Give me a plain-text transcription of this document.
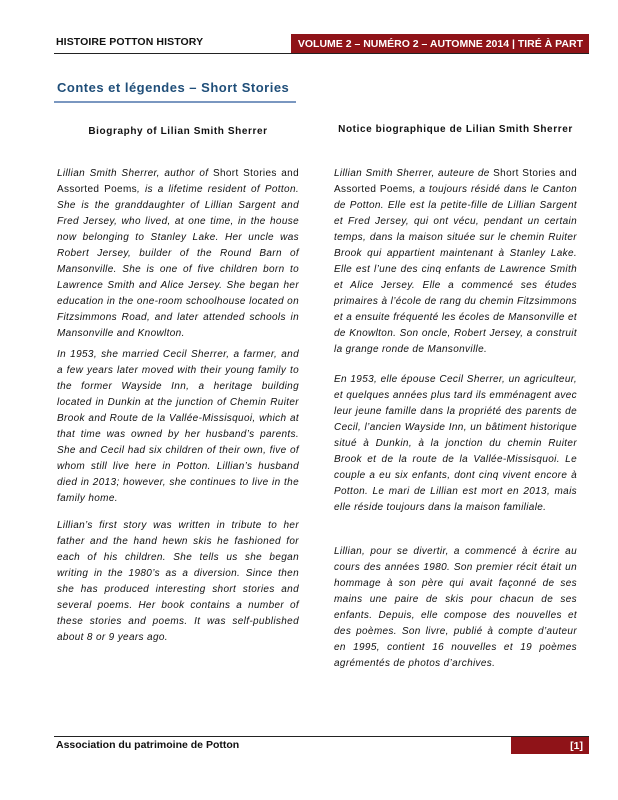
HISTOIRE POTTON HISTORY	VOLUME 2 – NUMÉRO 2 – AUTOMNE 2014 | TIRÉ À PART
Contes et légendes – Short Stories
Biography of Lilian Smith Sherrer	Notice biographique de Lilian Smith Sherrer

Lillian Smith Sherrer, author of Short Stories and Assorted Poems, is a lifetime resident of Potton. She is the granddaughter of Lillian Sargent and Fred Jersey, who lived, at one time, in the house now belonging to Stanley Lake. Her uncle was Robert Jersey, builder of the Round Barn of Mansonville. She is one of five children born to Lawrence Smith and Alice Jersey. She began her education in the one-room schoolhouse located on Fitzsimmons Road, and later attended schools in Mansonville and Knowlton.

In 1953, she married Cecil Sherrer, a farmer, and a few years later moved with their young family to the former Wayside Inn, a heritage building located in Dunkin at the junction of Chemin Ruiter Brook and Route de la Vallée-Missisquoi, which at that time was owned by her husband’s parents. She and Cecil had six children of their own, five of whom still live here in Potton. Lillian’s husband died in 2013; however, she continues to live in the family home.

Lillian’s first story was written in tribute to her father and the hand hewn skis he fashioned for each of his children. She tells us she began writing in the 1980’s as a diversion. Since then she has produced interesting short stories and several poems. Her book contains a number of these stories and poems. It was self-published about 8 or 9 years ago.

Lillian Smith Sherrer, auteure de Short Stories and Assorted Poems, a toujours résidé dans le Canton de Potton. Elle est la petite-fille de Lillian Sargent et Fred Jersey, qui ont vécu, pendant un certain temps, dans la maison située sur le chemin Ruiter Brook qui appartient maintenant à Stanley Lake. Elle est l’une des cinq enfants de Lawrence Smith et Alice Jersey. Elle a commencé ses études primaires à l’école de rang du chemin Fitzsimmons et a ensuite fréquenté les écoles de Mansonville et de Knowlton. Son oncle, Robert Jersey, a construit la grange ronde de Mansonville.

En 1953, elle épouse Cecil Sherrer, un agriculteur, et quelques années plus tard ils emménagent avec leur jeune famille dans la propriété des parents de Cecil, l’ancien Wayside Inn, un bâtiment historique situé à Dunkin, à la jonction du chemin Ruiter Brook et de la route de la Vallée-Missisquoi. Le couple a eu six enfants, dont cinq vivent encore à Potton. Le mari de Lillian est mort en 2013, mais elle réside toujours dans la maison familiale.

Lillian, pour se divertir, a commencé à écrire au cours des années 1980. Son premier récit était un hommage à son père qui avait façonné de ses mains une paire de skis pour chacun de ses enfants. Depuis, elle compose des nouvelles et des poèmes. Son livre, publié à compte d’auteur en 1995, contient 16 nouvelles et 19 poèmes agrémentés de photos d’archives.

Association du patrimoine de Potton	[1]
